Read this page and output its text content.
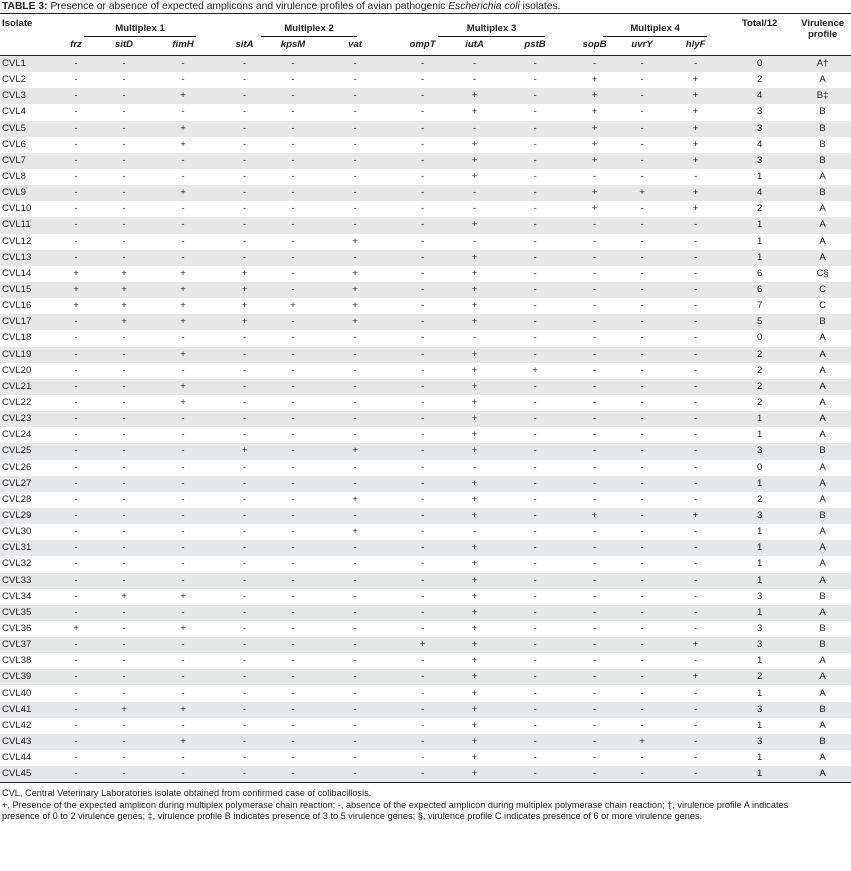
TABLE 3: Presence or absence of expected amplicons and virulence profiles of avian pathogenic Escherichia coli isolates.
Isolate	Multiplex 1			Multiplex 2			Multiplex 3			Multiplex 4			Total/12	Virulence
profile
	frz	sitD	fimH	sitA	kpsM	vat	ompT	iutA	pstB	sopB	uvrY	hlyF		
CVL1	-	-	-	-	-	-	-	-	-	-	-	-	0	A†
CVL2	-	-	-	-	-	-	-	-	-	+	-	+	2	A
CVL3	-	-	+	-	-	-	-	+	-	+	-	+	4	B‡
CVL4	-	-	-	-	-	-	-	+	-	+	-	+	3	B
CVL5	-	-	+	-	-	-	-	-	-	+	-	+	3	B
CVL6	-	-	+	-	-	-	-	+	-	+	-	+	4	B
CVL7	-	-	-	-	-	-	-	+	-	+	-	+	3	B
CVL8	-	-	-	-	-	-	-	+	-	-	-	-	1	A
CVL9	-	-	+	-	-	-	-	-	-	+	+	+	4	B
CVL10	-	-	-	-	-	-	-	-	-	+	-	+	2	A
CVL11	-	-	-	-	-	-	-	+	-	-	-	-	1	A
CVL12	-	-	-	-	-	+	-	-	-	-	-	-	1	A
CVL13	-	-	-	-	-	-	-	+	-	-	-	-	1	A
CVL14	+	+	+	+	-	+	-	+	-	-	-	-	6	C§
CVL15	+	+	+	+	-	+	-	+	-	-	-	-	6	C
CVL16	+	+	+	+	+	+	-	+	-	-	-	-	7	C
CVL17	-	+	+	+	-	+	-	+	-	-	-	-	5	B
CVL18	-	-	-	-	-	-	-	-	-	-	-	-	0	A
CVL19	-	-	+	-	-	-	-	+	-	-	-	-	2	A
CVL20	-	-	-	-	-	-	-	+	+	-	-	-	2	A
CVL21	-	-	+	-	-	-	-	+	-	-	-	-	2	A
CVL22	-	-	+	-	-	-	-	+	-	-	-	-	2	A
CVL23	-	-	-	-	-	-	-	+	-	-	-	-	1	A
CVL24	-	-	-	-	-	-	-	+	-	-	-	-	1	A
CVL25	-	-	-	+	-	+	-	+	-	-	-	-	3	B
CVL26	-	-	-	-	-	-	-	-	-	-	-	-	0	A
CVL27	-	-	-	-	-	-	-	+	-	-	-	-	1	A
CVL28	-	-	-	-	-	+	-	+	-	-	-	-	2	A
CVL29	-	-	-	-	-	-	-	+	-	+	-	+	3	B
CVL30	-	-	-	-	-	+	-	-	-	-	-	-	1	A
CVL31	-	-	-	-	-	-	-	+	-	-	-	-	1	A
CVL32	-	-	-	-	-	-	-	+	-	-	-	-	1	A
CVL33	-	-	-	-	-	-	-	+	-	-	-	-	1	A
CVL34	-	+	+	-	-	-	-	+	-	-	-	-	3	B
CVL35	-	-	-	-	-	-	-	+	-	-	-	-	1	A
CVL36	+	-	+	-	-	-	-	+	-	-	-	-	3	B
CVL37	-	-	-	-	-	-	+	+	-	-	-	+	3	B
CVL38	-	-	-	-	-	-	-	+	-	-	-	-	1	A
CVL39	-	-	-	-	-	-	-	+	-	-	-	+	2	A
CVL40	-	-	-	-	-	-	-	+	-	-	-	-	1	A
CVL41	-	+	+	-	-	-	-	+	-	-	-	-	3	B
CVL42	-	-	-	-	-	-	-	+	-	-	-	-	1	A
CVL43	-	-	+	-	-	-	-	+	-	-	+	-	3	B
CVL44	-	-	-	-	-	-	-	+	-	-	-	-	1	A
CVL45	-	-	-	-	-	-	-	+	-	-	-	-	1	A
CVL, Central Veterinary Laboratories isolate obtained from confirmed case of colibacillosis.
+, Presence of the expected amplicon during multiplex polymerase chain reaction; -, absence of the expected amplicon during multiplex polymerase chain reaction; †, virulence profile A indicates
presence of 0 to 2 virulence genes; ‡, virulence profile B indicates presence of 3 to 5 virulence genes; §, virulence profile C indicates presence of 6 or more virulence genes.
